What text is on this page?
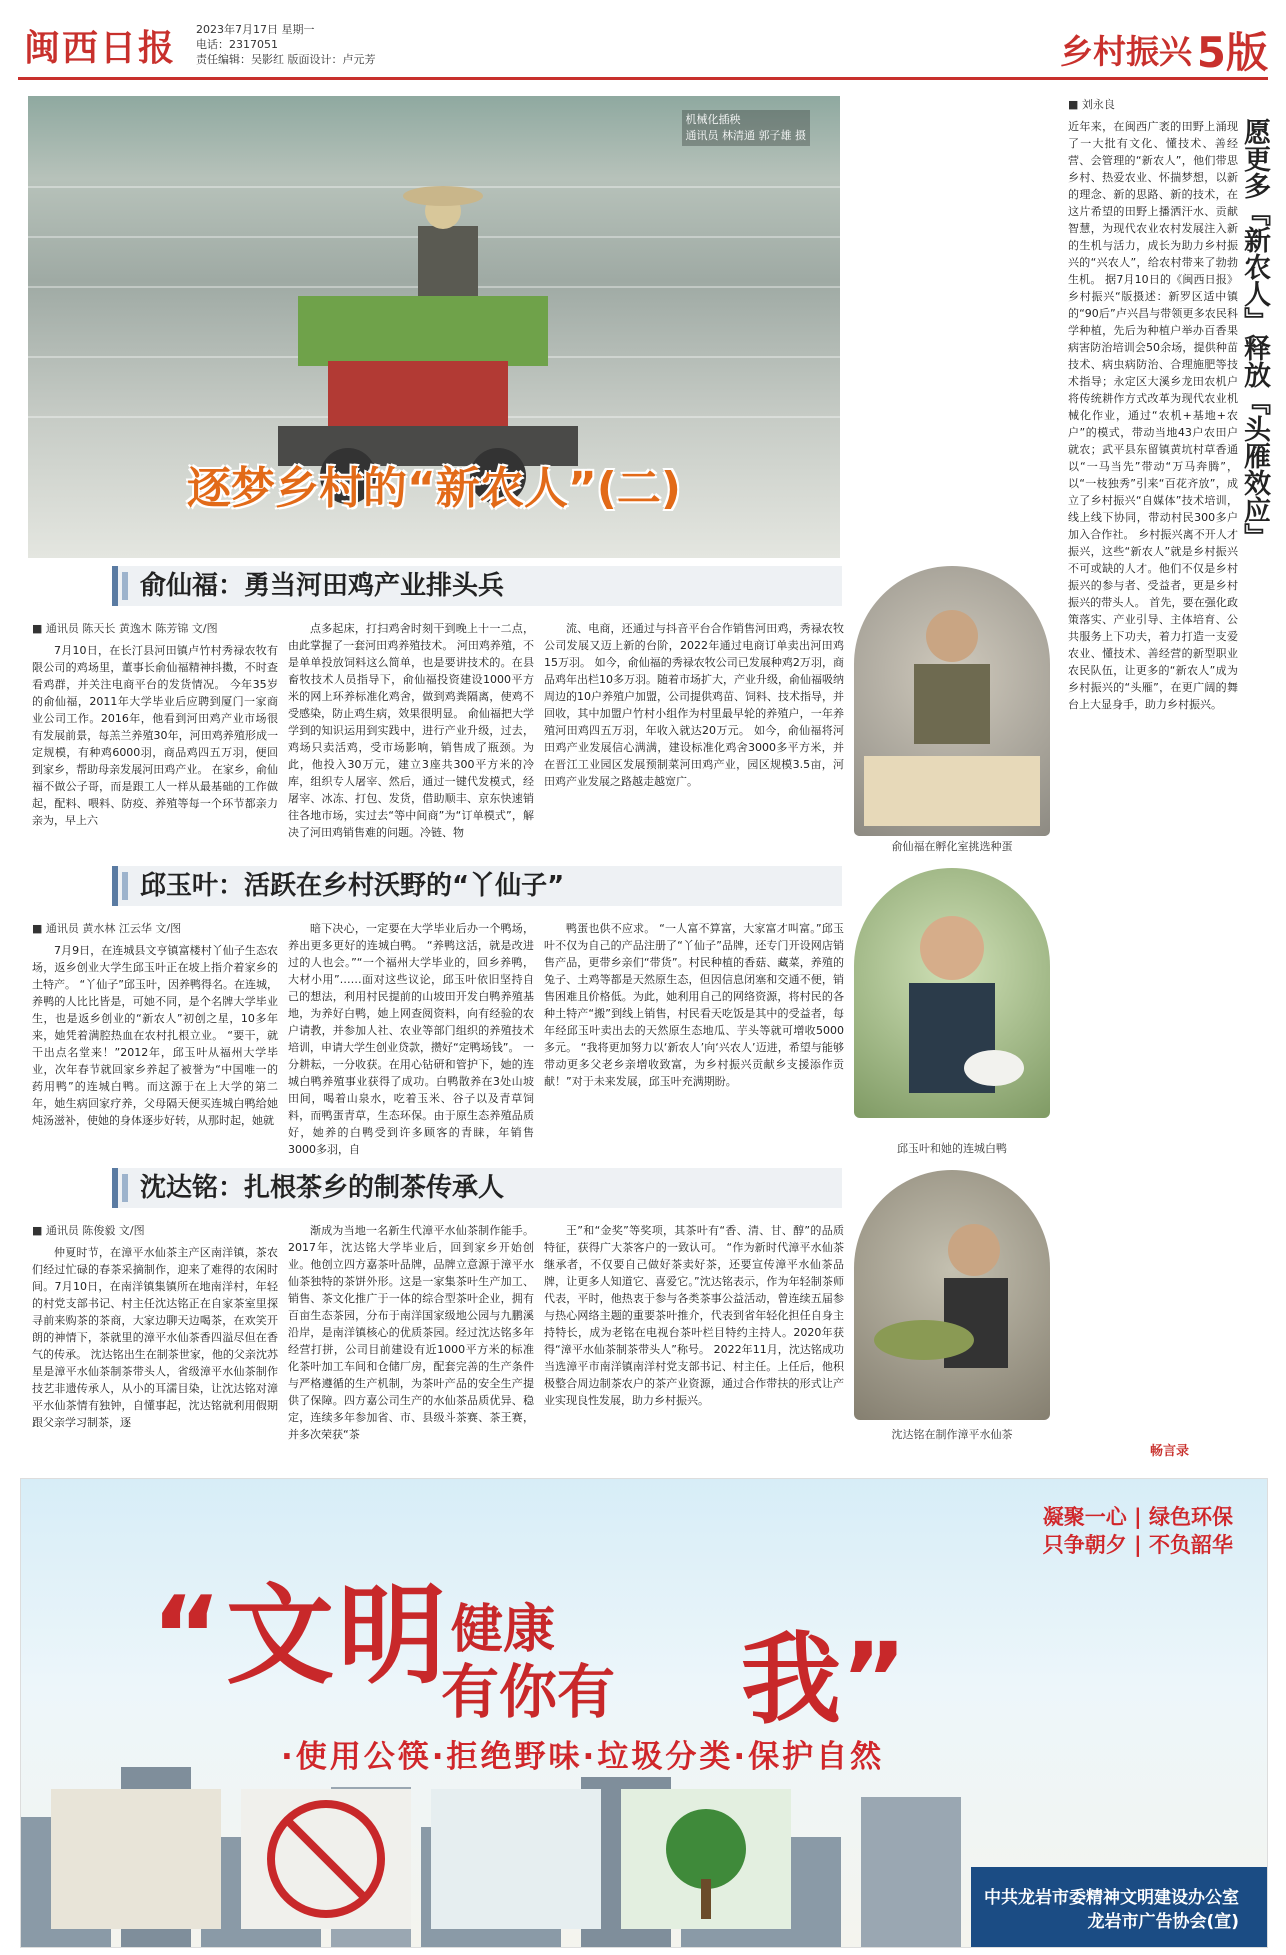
闽西日报 2023年7月17日 星期一
电话：2317051
责任编辑：吴影红 版面设计：卢元芳	乡村振兴 5版
机械化插秧
通讯员 林清通 郭子雄 摄
逐梦乡村的“新农人”(二)
■ 刘永良
近年来，在闽西广袤的田野上涌现了一大批有文化、懂技术、善经营、会管理的“新农人”，他们带思乡村、热爱农业、怀揣梦想，以新的理念、新的思路、新的技术，在这片希望的田野上播洒汗水、贡献智慧，为现代农业农村发展注入新的生机与活力，成长为助力乡村振兴的“兴农人”，给农村带来了勃勃生机。 据7月10日的《闽西日报》乡村振兴“版摄述：新罗区适中镇的“90后”卢兴昌与带领更多农民科学种植，先后为种植户举办百香果病害防治培训会50余场，提供种苗技术、病虫病防治、合理施肥等技术指导；永定区大溪乡龙田农机户将传统耕作方式改革为现代农业机械化作业，通过“农机+基地+农户”的模式，带动当地43户农田户就农；武平县东留镇黄坑村草香通以“一马当先”带动“万马奔腾”，以“一枝独秀”引来“百花齐放”，成立了乡村振兴“自媒体”技术培训，线上线下协同，带动村民300多户加入合作社。 乡村振兴离不开人才振兴，这些“新农人”就是乡村振兴不可或缺的人才。他们不仅是乡村振兴的参与者、受益者，更是乡村振兴的带头人。 首先，要在强化政策落实、产业引导、主体培育、公共服务上下功夫，着力打造一支爱农业、懂技术、善经营的新型职业农民队伍，让更多的“新农人”成为乡村振兴的“头雁”，在更广阔的舞台上大显身手，助力乡村振兴。
愿更多『新农人』释放『头雁效应』
俞仙福：勇当河田鸡产业排头兵
■ 通讯员 陈天长 黄逸木 陈芳锦 文/图

7月10日，在长汀县河田镇卢竹村秀禄农牧有限公司的鸡场里，董事长俞仙福精神抖擞，不时查看鸡群，并关注电商平台的发货情况。 今年35岁的俞仙福，2011年大学毕业后应聘到厦门一家商业公司工作。2016年，他看到河田鸡产业市场很有发展前景，每羔兰养殖30年，河田鸡养殖形成一定规模，有种鸡6000羽，商品鸡四五万羽，便回到家乡，帮助母亲发展河田鸡产业。 在家乡，俞仙福不做公子哥，而是跟工人一样从最基础的工作做起，配料、喂料、防疫、养殖等每一个环节都亲力亲为，早上六

点多起床，打扫鸡舍时刻干到晚上十一二点，由此掌握了一套河田鸡养殖技术。 河田鸡养殖，不是单单投放饲料这么简单，也是要讲技术的。在县畜牧技术人员指导下，俞仙福投资建设1000平方米的网上环养标准化鸡舍，做到鸡粪隔离，使鸡不受感染，防止鸡生病，效果很明显。 俞仙福把大学学到的知识运用到实践中，进行产业升级，过去，鸡场只卖活鸡，受市场影响，销售成了瓶颈。为此，他投入30万元，建立3座共300平方米的冷库，组织专人屠宰、然后，通过一键代发模式，经屠宰、冰冻、打包、发货，借助顺丰、京东快速销往各地市场，实过去“等中间商”为“订单模式”，解决了河田鸡销售难的问题。冷链、物

流、电商，还通过与抖音平台合作销售河田鸡，秀禄农牧公司发展又迈上新的台阶，2022年通过电商订单卖出河田鸡15万羽。 如今，俞仙福的秀禄农牧公司已发展种鸡2万羽，商品鸡年出栏10多万羽。随着市场扩大，产业升级，俞仙福吸纳周边的10户养殖户加盟，公司提供鸡苗、饲料、技术指导，并回收，其中加盟户竹村小组作为村里最早轮的养殖户，一年养殖河田鸡四五万羽，年收入就达20万元。 如今，俞仙福将河田鸡产业发展信心满满，建设标准化鸡舍3000多平方米，并在晋江工业园区发展预制菜河田鸡产业，园区规模3.5亩，河田鸡产业发展之路越走越宽广。

邱玉叶：活跃在乡村沃野的“丫仙子”
■ 通讯员 黄水林 江云华 文/图

7月9日，在连城县文亨镇富楼村丫仙子生态农场，返乡创业大学生邱玉叶正在坡上指介着家乡的土特产。 “丫仙子”邱玉叶，因养鸭得名。在连城，养鸭的人比比皆是，可她不同，是个名牌大学毕业生，也是返乡创业的“新农人”初创之星，10多年来，她凭着满腔热血在农村扎根立业。 “要干，就干出点名堂来！”2012年，邱玉叶从福州大学毕业，次年春节就回家乡养起了被誉为“中国唯一的药用鸭”的连城白鸭。而这源于在上大学的第二年，她生病回家疗养，父母隔天便买连城白鸭给她炖汤滋补，使她的身体逐步好转，从那时起，她就

暗下决心，一定要在大学毕业后办一个鸭场，养出更多更好的连城白鸭。 “养鸭这活，就是改进过的人也会。”“一个福州大学毕业的，回乡养鸭，大材小用”……面对这些议论，邱玉叶依旧坚持自己的想法，利用村民提前的山坡田开发白鸭养殖基地，为养好白鸭，她上网查阅资料，向有经验的农户请教，并参加人社、农业等部门组织的养殖技术培训，申请大学生创业贷款，攒好“定鸭场钱”。 一分耕耘，一分收获。在用心钻研和管护下，她的连城白鸭养殖事业获得了成功。白鸭散养在3处山坡田间，喝着山泉水，吃着玉米、谷子以及青草饲料，而鸭蛋青草，生态环保。由于原生态养殖品质好，她养的白鸭受到许多顾客的青睐，年销售3000多羽，自

鸭蛋也供不应求。 “一人富不算富，大家富才叫富。”邱玉叶不仅为自己的产品注册了“丫仙子”品牌，还专门开设网店销售产品，更带乡亲们“带货”。村民种植的香菇、藏菜，养殖的兔子、土鸡等都是天然原生态，但因信息闭塞和交通不便，销售困难且价格低。为此，她利用自己的网络资源，将村民的各种土特产“搬”到线上销售，村民看天吃饭是其中的受益者，每年经邱玉叶卖出去的天然原生态地瓜、芋头等就可增收5000多元。 “我将更加努力以‘新农人’向‘兴农人’迈进，希望与能够带动更多父老乡亲增收致富，为乡村振兴贡献乡支援添作贡献！”对于未来发展，邱玉叶充满期盼。

沈达铭：扎根茶乡的制茶传承人
■ 通讯员 陈俊毅 文/图

仲夏时节，在漳平水仙茶主产区南洋镇，茶农们经过忙碌的春茶采摘制作，迎来了难得的农闲时间。7月10日，在南洋镇集镇所在地南洋村，年轻的村党支部书记、村主任沈达铭正在自家茶室里探寻前来购茶的茶商，大家边聊天边喝茶，在欢笑开朗的神情下，茶就里的漳平水仙茶香四溢尽但在香气的传承。 沈达铭出生在制茶世家，他的父亲沈苏星是漳平水仙茶制茶带头人，省级漳平水仙茶制作技艺非遗传承人，从小的耳濡目染，让沈达铭对漳平水仙茶情有独钟，自懂事起，沈达铭就利用假期跟父亲学习制茶，逐

渐成为当地一名新生代漳平水仙茶制作能手。 2017年，沈达铭大学毕业后，回到家乡开始创业。他创立四方嘉茶叶品牌，品牌立意源于漳平水仙茶独特的茶饼外形。这是一家集茶叶生产加工、销售、茶文化推广于一体的综合型茶叶企业，拥有百亩生态茶园，分布于南洋国家级地公园与九鹏溪沿岸，是南洋镇核心的优质茶园。经过沈达铭多年经营打拼，公司目前建设有近1000平方米的标准化茶叶加工车间和仓储厂房，配套完善的生产条件与严格遵循的生产机制，为茶叶产品的安全生产提供了保障。四方嘉公司生产的水仙茶品质优异、稳定，连续多年参加省、市、县级斗茶赛、茶王赛，并多次荣获“茶

王”和“金奖”等奖项，其茶叶有“香、清、甘、醇”的品质特征，获得广大茶客户的一致认可。 “作为新时代漳平水仙茶继承者，不仅要自己做好茶卖好茶，还要宣传漳平水仙茶品牌，让更多人知道它、喜爱它。”沈达铭表示，作为年轻制茶师代表，平时，他热衷于参与各类茶事公益活动，曾连续五届参与热心网络主题的重要茶叶推介，代表到省年轻化担任自身主持特长，成为老铭在电视台茶叶栏目特约主持人。2020年获得“漳平水仙茶制茶带头人”称号。 2022年11月，沈达铭成功当选漳平市南洋镇南洋村党支部书记、村主任。上任后，他积极整合周边制茶农户的茶产业资源，通过合作带扶的形式让产业实现良性发展，助力乡村振兴。

俞仙福在孵化室挑选种蛋
邱玉叶和她的连城白鸭
沈达铭在制作漳平水仙茶
畅言录
凝聚一心 | 绿色环保
只争朝夕 | 不负韶华
“文明 健康
有你有 我”
·使用公筷·拒绝野味·垃圾分类·保护自然
中共龙岩市委精神文明建设办公室
龙岩市广告协会(宣)
